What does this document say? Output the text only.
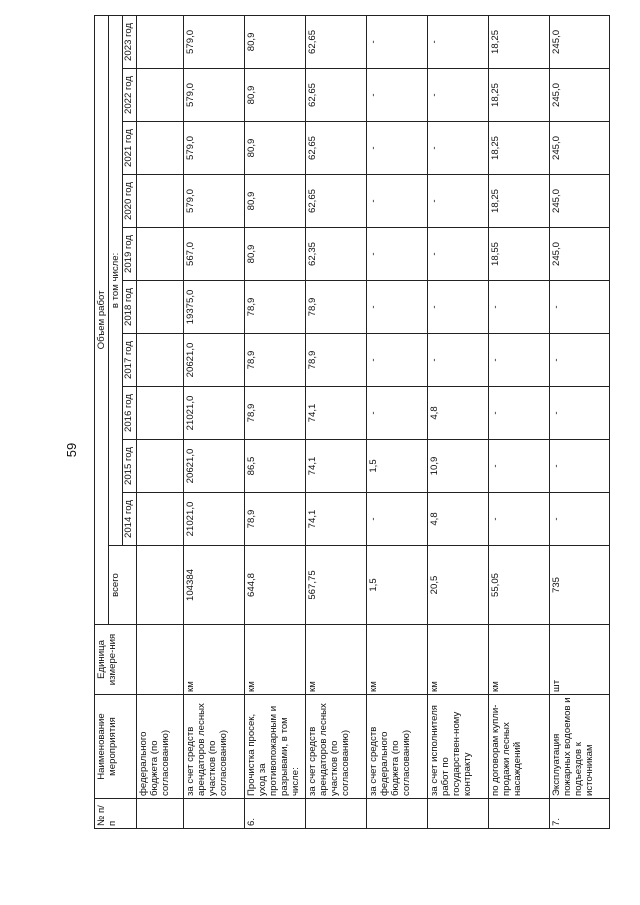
59
№ п/п	Наименование мероприятия	Единица измере-ния	Объем работ										
			всего	в том числе:									
				2014 год	2015 год	2016 год	2017 год	2018 год	2019 год	2020 год	2021 год	2022 год	2023 год
	федерального бюджета (по согласованию)												
	за счет средств арендаторов лесных участков (по согласованию)	км	104384	21021,0	20621,0	21021,0	20621,0	19375,0	567,0	579,0	579,0	579,0	579,0
6.	Прочистка просек, уход за противопожарным и разрывами, в том числе:	км	644,8	78,9	86,5	78,9	78,9	78,9	80,9	80,9	80,9	80,9	80,9
	за счет средств арендаторов лесных участков (по согласованию)	км	567,75	74,1	74,1	74,1	78,9	78,9	62,35	62,65	62,65	62,65	62,65
	за счет средств федерального бюджета (по согласованию)	км	1,5	-	1,5	-	-	-	-	-	-	-	-
	за счет исполнителя работ по государствен-ному контракту	км	20,5	4,8	10,9	4,8	-	-	-	-	-	-	-
	по договорам купли-продажи лесных насаждений	км	55,05	-	-	-	-	-	18,55	18,25	18,25	18,25	18,25
7.	Эксплуатация пожарных водоемов и подъездов к источникам	шт	735	-	-	-	-	-	245,0	245,0	245,0	245,0	245,0
